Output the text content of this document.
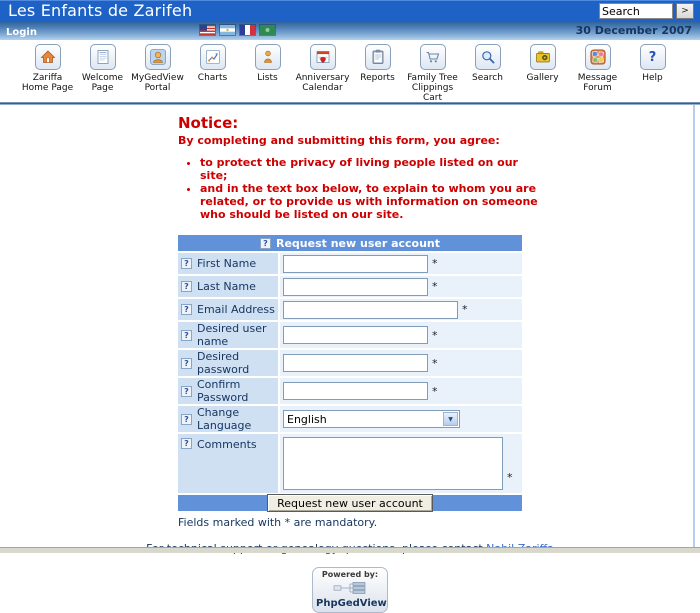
Les Enfants de Zarifeh
Search	>
Login	30 December 2007
Zariffa Home Page
Welcome Page
MyGedView Portal
Charts	Lists	Anniversary Calendar
Reports	Family Tree Clippings Cart
Search	Gallery	Message Forum
?
Help
Notice:
By completing and submitting this form, you agree:
• to protect the privacy of living people listed on our site;
• and in the text box below, to explain to whom you are related, or to provide us with information on someone who should be listed on our site.
? Request new user account
? First Name	*
? Last Name	*
? Email Address	*
? Desired user name	*
? Desired password	*
? Confirm Password	*
? Change Language	English	▼
? Comments
*
Request new user account
Fields marked with * are mandatory.
Powered by:
PhpGedView
